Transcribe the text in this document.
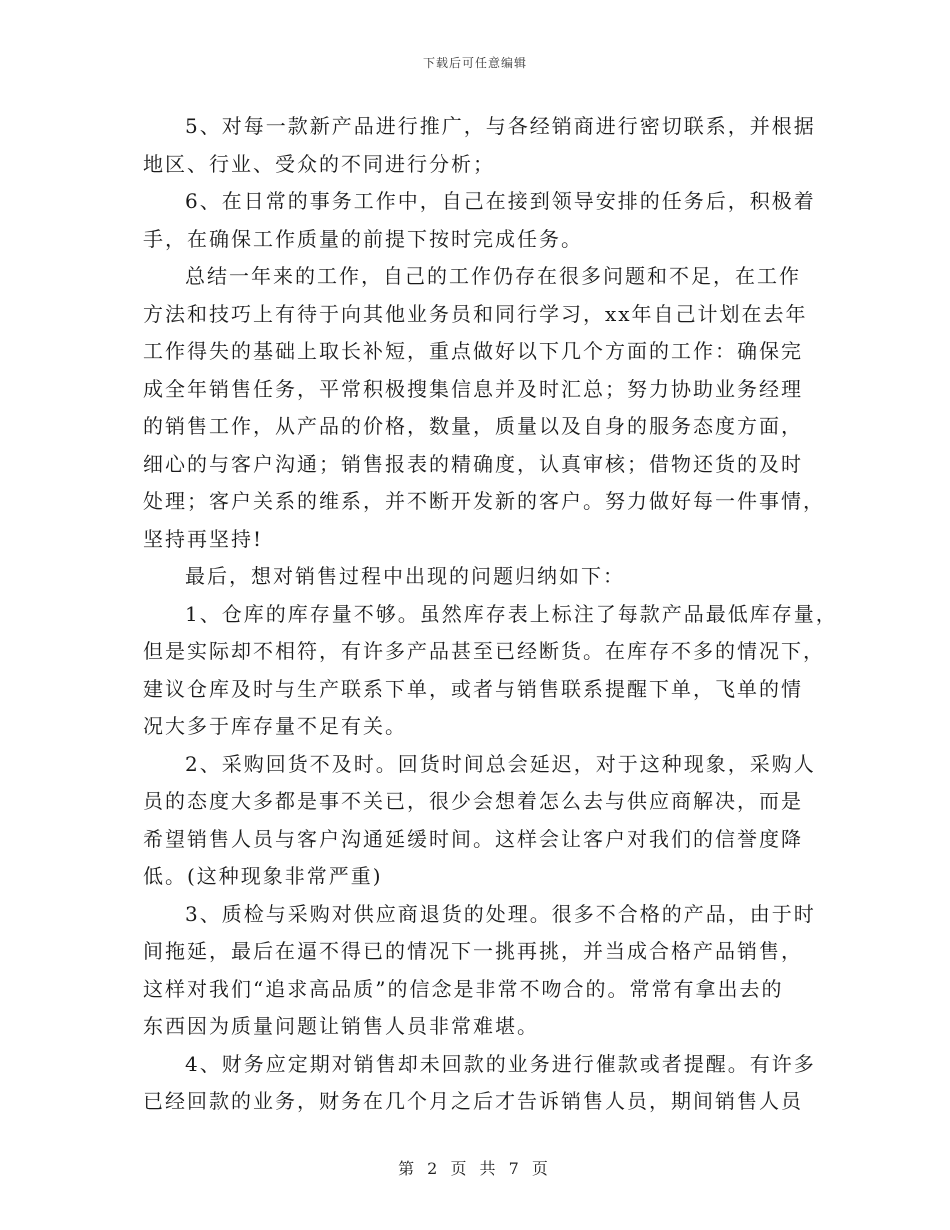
下载后可任意编辑
5、对每一款新产品进行推广，与各经销商进行密切联系，并根据
地区、行业、受众的不同进行分析；
6、在日常的事务工作中，自己在接到领导安排的任务后，积极着
手，在确保工作质量的前提下按时完成任务。
总结一年来的工作，自己的工作仍存在很多问题和不足，在工作
方法和技巧上有待于向其他业务员和同行学习，xx年自己计划在去年
工作得失的基础上取长补短，重点做好以下几个方面的工作：确保完
成全年销售任务，平常积极搜集信息并及时汇总；努力协助业务经理
的销售工作，从产品的价格，数量，质量以及自身的服务态度方面，
细心的与客户沟通；销售报表的精确度，认真审核；借物还货的及时
处理；客户关系的维系，并不断开发新的客户。努力做好每一件事情，
坚持再坚持!
最后，想对销售过程中出现的问题归纳如下：
1、仓库的库存量不够。虽然库存表上标注了每款产品最低库存量，
但是实际却不相符，有许多产品甚至已经断货。在库存不多的情况下，
建议仓库及时与生产联系下单，或者与销售联系提醒下单，飞单的情
况大多于库存量不足有关。
2、采购回货不及时。回货时间总会延迟，对于这种现象，采购人
员的态度大多都是事不关已，很少会想着怎么去与供应商解决，而是
希望销售人员与客户沟通延缓时间。这样会让客户对我们的信誉度降
低。(这种现象非常严重)
3、质检与采购对供应商退货的处理。很多不合格的产品，由于时
间拖延，最后在逼不得已的情况下一挑再挑，并当成合格产品销售，
这样对我们“追求高品质”的信念是非常不吻合的。常常有拿出去的
东西因为质量问题让销售人员非常难堪。
4、财务应定期对销售却未回款的业务进行催款或者提醒。有许多
已经回款的业务，财务在几个月之后才告诉销售人员，期间销售人员
第 2 页 共 7 页
